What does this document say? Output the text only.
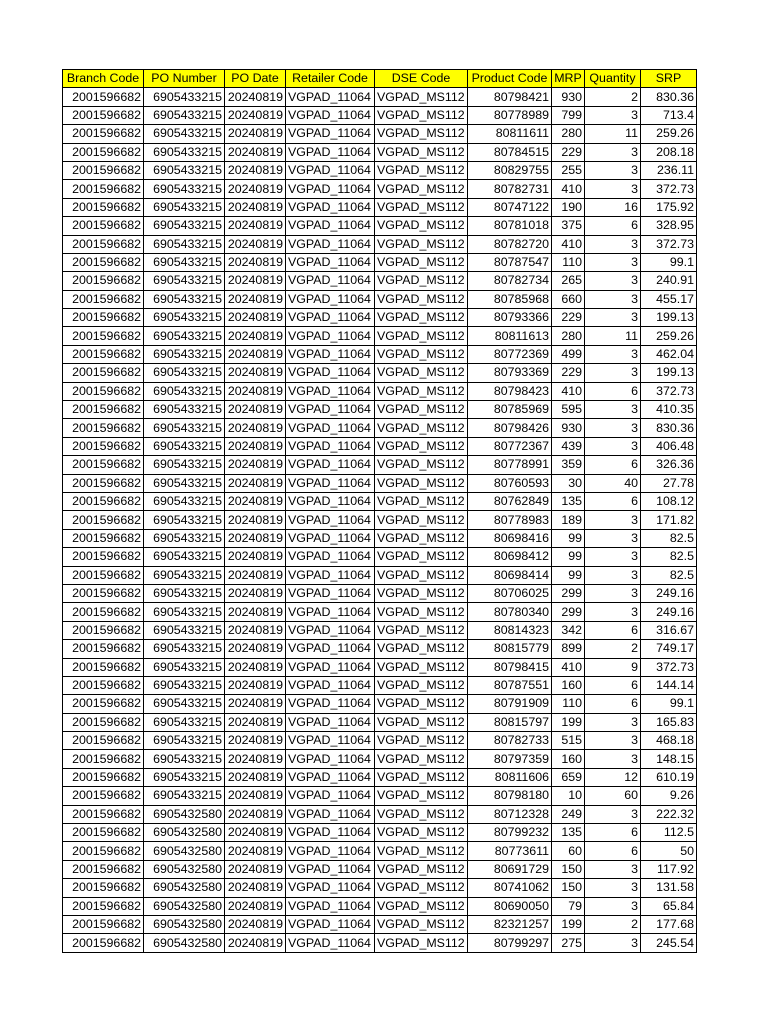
Branch Code	PO Number	PO Date	Retailer Code	DSE Code	Product Code	MRP	Quantity	SRP
2001596682	6905433215	20240819	VGPAD_11064	VGPAD_MS112	80798421	930	2	830.36
2001596682	6905433215	20240819	VGPAD_11064	VGPAD_MS112	80778989	799	3	713.4
2001596682	6905433215	20240819	VGPAD_11064	VGPAD_MS112	80811611	280	11	259.26
2001596682	6905433215	20240819	VGPAD_11064	VGPAD_MS112	80784515	229	3	208.18
2001596682	6905433215	20240819	VGPAD_11064	VGPAD_MS112	80829755	255	3	236.11
2001596682	6905433215	20240819	VGPAD_11064	VGPAD_MS112	80782731	410	3	372.73
2001596682	6905433215	20240819	VGPAD_11064	VGPAD_MS112	80747122	190	16	175.92
2001596682	6905433215	20240819	VGPAD_11064	VGPAD_MS112	80781018	375	6	328.95
2001596682	6905433215	20240819	VGPAD_11064	VGPAD_MS112	80782720	410	3	372.73
2001596682	6905433215	20240819	VGPAD_11064	VGPAD_MS112	80787547	110	3	99.1
2001596682	6905433215	20240819	VGPAD_11064	VGPAD_MS112	80782734	265	3	240.91
2001596682	6905433215	20240819	VGPAD_11064	VGPAD_MS112	80785968	660	3	455.17
2001596682	6905433215	20240819	VGPAD_11064	VGPAD_MS112	80793366	229	3	199.13
2001596682	6905433215	20240819	VGPAD_11064	VGPAD_MS112	80811613	280	11	259.26
2001596682	6905433215	20240819	VGPAD_11064	VGPAD_MS112	80772369	499	3	462.04
2001596682	6905433215	20240819	VGPAD_11064	VGPAD_MS112	80793369	229	3	199.13
2001596682	6905433215	20240819	VGPAD_11064	VGPAD_MS112	80798423	410	6	372.73
2001596682	6905433215	20240819	VGPAD_11064	VGPAD_MS112	80785969	595	3	410.35
2001596682	6905433215	20240819	VGPAD_11064	VGPAD_MS112	80798426	930	3	830.36
2001596682	6905433215	20240819	VGPAD_11064	VGPAD_MS112	80772367	439	3	406.48
2001596682	6905433215	20240819	VGPAD_11064	VGPAD_MS112	80778991	359	6	326.36
2001596682	6905433215	20240819	VGPAD_11064	VGPAD_MS112	80760593	30	40	27.78
2001596682	6905433215	20240819	VGPAD_11064	VGPAD_MS112	80762849	135	6	108.12
2001596682	6905433215	20240819	VGPAD_11064	VGPAD_MS112	80778983	189	3	171.82
2001596682	6905433215	20240819	VGPAD_11064	VGPAD_MS112	80698416	99	3	82.5
2001596682	6905433215	20240819	VGPAD_11064	VGPAD_MS112	80698412	99	3	82.5
2001596682	6905433215	20240819	VGPAD_11064	VGPAD_MS112	80698414	99	3	82.5
2001596682	6905433215	20240819	VGPAD_11064	VGPAD_MS112	80706025	299	3	249.16
2001596682	6905433215	20240819	VGPAD_11064	VGPAD_MS112	80780340	299	3	249.16
2001596682	6905433215	20240819	VGPAD_11064	VGPAD_MS112	80814323	342	6	316.67
2001596682	6905433215	20240819	VGPAD_11064	VGPAD_MS112	80815779	899	2	749.17
2001596682	6905433215	20240819	VGPAD_11064	VGPAD_MS112	80798415	410	9	372.73
2001596682	6905433215	20240819	VGPAD_11064	VGPAD_MS112	80787551	160	6	144.14
2001596682	6905433215	20240819	VGPAD_11064	VGPAD_MS112	80791909	110	6	99.1
2001596682	6905433215	20240819	VGPAD_11064	VGPAD_MS112	80815797	199	3	165.83
2001596682	6905433215	20240819	VGPAD_11064	VGPAD_MS112	80782733	515	3	468.18
2001596682	6905433215	20240819	VGPAD_11064	VGPAD_MS112	80797359	160	3	148.15
2001596682	6905433215	20240819	VGPAD_11064	VGPAD_MS112	80811606	659	12	610.19
2001596682	6905433215	20240819	VGPAD_11064	VGPAD_MS112	80798180	10	60	9.26
2001596682	6905432580	20240819	VGPAD_11064	VGPAD_MS112	80712328	249	3	222.32
2001596682	6905432580	20240819	VGPAD_11064	VGPAD_MS112	80799232	135	6	112.5
2001596682	6905432580	20240819	VGPAD_11064	VGPAD_MS112	80773611	60	6	50
2001596682	6905432580	20240819	VGPAD_11064	VGPAD_MS112	80691729	150	3	117.92
2001596682	6905432580	20240819	VGPAD_11064	VGPAD_MS112	80741062	150	3	131.58
2001596682	6905432580	20240819	VGPAD_11064	VGPAD_MS112	80690050	79	3	65.84
2001596682	6905432580	20240819	VGPAD_11064	VGPAD_MS112	82321257	199	2	177.68
2001596682	6905432580	20240819	VGPAD_11064	VGPAD_MS112	80799297	275	3	245.54
